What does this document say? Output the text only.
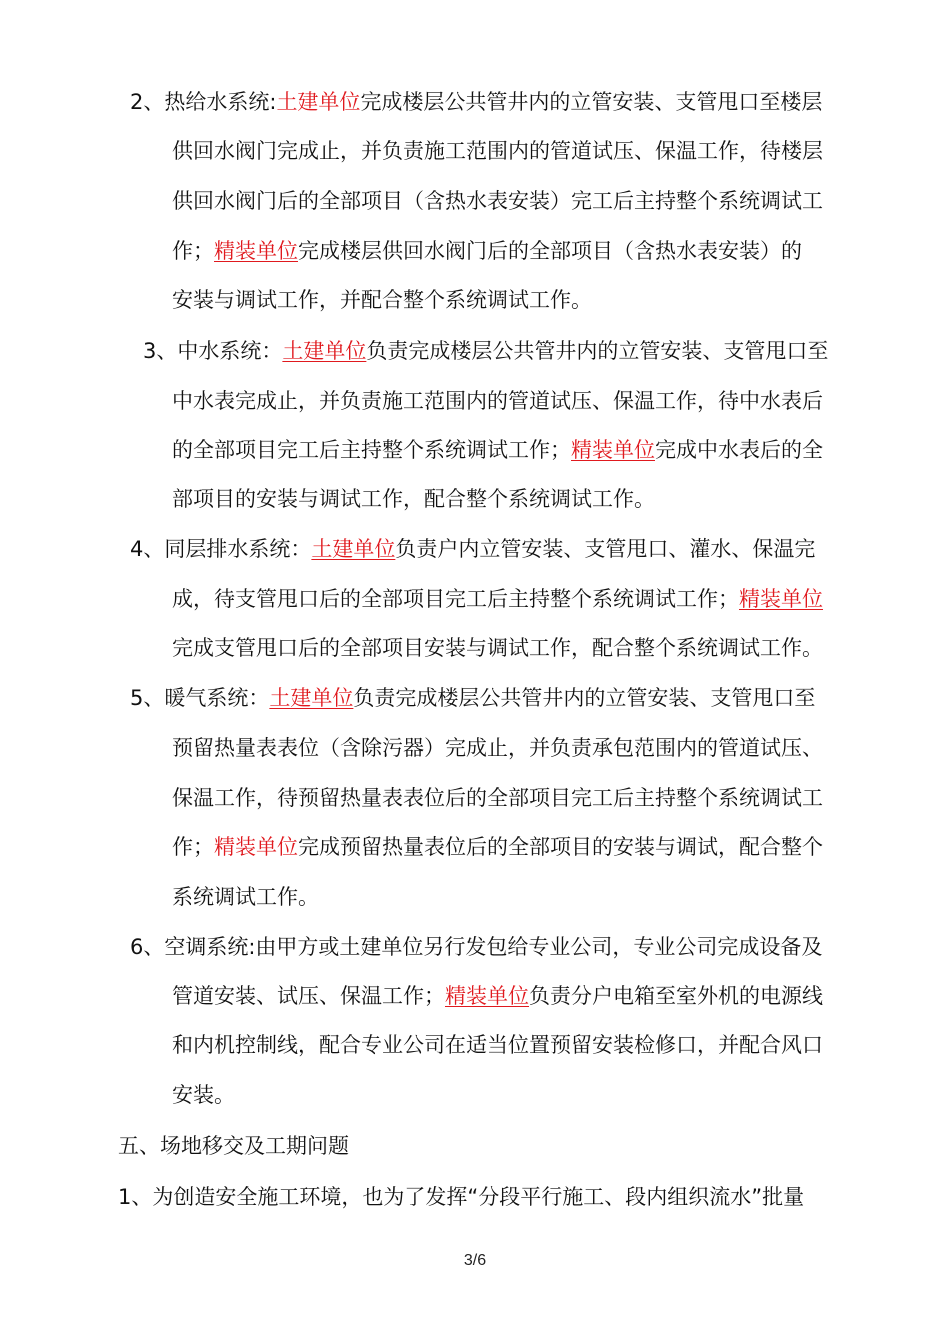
2、热给水系统:土建单位完成楼层公共管井内的立管安装、支管甩口至楼层
供回水阀门完成止，并负责施工范围内的管道试压、保温工作，待楼层
供回水阀门后的全部项目（含热水表安装）完工后主持整个系统调试工
作；精装单位完成楼层供回水阀门后的全部项目（含热水表安装）的
安装与调试工作，并配合整个系统调试工作。
3、中水系统：土建单位负责完成楼层公共管井内的立管安装、支管甩口至
中水表完成止，并负责施工范围内的管道试压、保温工作，待中水表后
的全部项目完工后主持整个系统调试工作；精装单位完成中水表后的全
部项目的安装与调试工作，配合整个系统调试工作。
4、同层排水系统：土建单位负责户内立管安装、支管甩口、灌水、保温完
成，待支管甩口后的全部项目完工后主持整个系统调试工作；精装单位
完成支管甩口后的全部项目安装与调试工作，配合整个系统调试工作。
5、暖气系统：土建单位负责完成楼层公共管井内的立管安装、支管甩口至
预留热量表表位（含除污器）完成止，并负责承包范围内的管道试压、
保温工作，待预留热量表表位后的全部项目完工后主持整个系统调试工
作；精装单位完成预留热量表位后的全部项目的安装与调试，配合整个
系统调试工作。
6、空调系统:由甲方或土建单位另行发包给专业公司，专业公司完成设备及
管道安装、试压、保温工作；精装单位负责分户电箱至室外机的电源线
和内机控制线，配合专业公司在适当位置预留安装检修口，并配合风口
安装。
五、场地移交及工期问题
1、为创造安全施工环境，也为了发挥“分段平行施工、段内组织流水”批量
3/6
